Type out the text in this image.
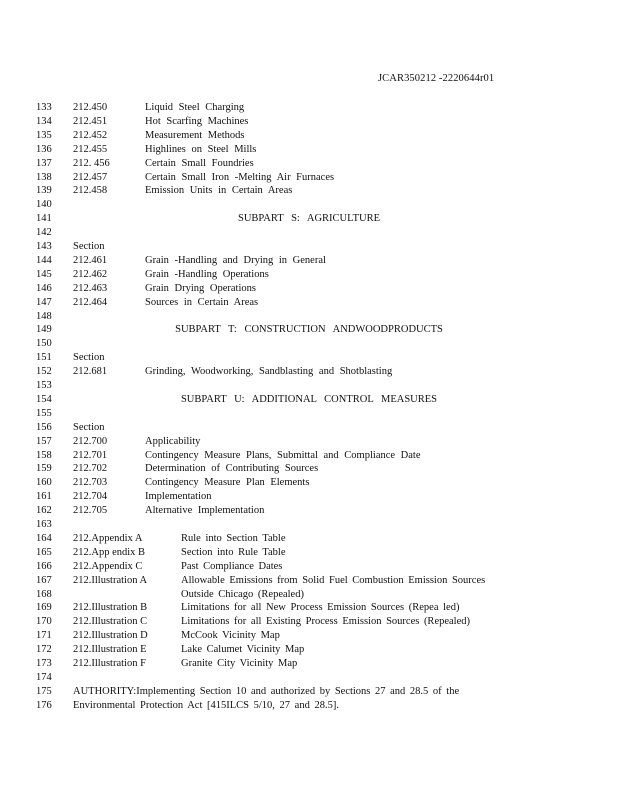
JCAR350212 -2220644r01
133	212.450	Liquid Steel Charging
134	212.451	Hot Scarfing Machines
135	212.452	Measurement Methods
136	212.455	Highlines on Steel Mills
137	212. 456	Certain Small Foundries
138	212.457	Certain Small Iron -Melting Air Furnaces
139	212.458	Emission Units in Certain Areas
140
141	SUBPART S: AGRICULTURE
142
143	Section
144	212.461	Grain -Handling and Drying in General
145	212.462	Grain -Handling Operations
146	212.463	Grain Drying Operations
147	212.464	Sources in Certain Areas
148
149	SUBPART T: CONSTRUCTION ANDWOODPRODUCTS
150
151	Section
152	212.681	Grinding, Woodworking, Sandblasting and Shotblasting
153
154	SUBPART U: ADDITIONAL CONTROL MEASURES
155
156	Section
157	212.700	Applicability
158	212.701	Contingency Measure Plans, Submittal and Compliance Date
159	212.702	Determination of Contributing Sources
160	212.703	Contingency Measure Plan Elements
161	212.704	Implementation
162	212.705	Alternative Implementation
163
164	212.Appendix A	Rule into Section Table
165	212.App endix B	Section into Rule Table
166	212.Appendix C	Past Compliance Dates
167	212.Illustration A	Allowable Emissions from Solid Fuel Combustion Emission Sources
168	Outside Chicago (Repealed)
169	212.Illustration B	Limitations for all New Process Emission Sources (Repea led)
170	212.Illustration C	Limitations for all Existing Process Emission Sources (Repealed)
171	212.Illustration D	McCook Vicinity Map
172	212.Illustration E	Lake Calumet Vicinity Map
173	212.Illustration F	Granite City Vicinity Map
174
175	AUTHORITY:Implementing Section 10 and authorized by Sections 27 and 28.5 of the
176	Environmental Protection Act [415ILCS 5/10, 27 and 28.5].
